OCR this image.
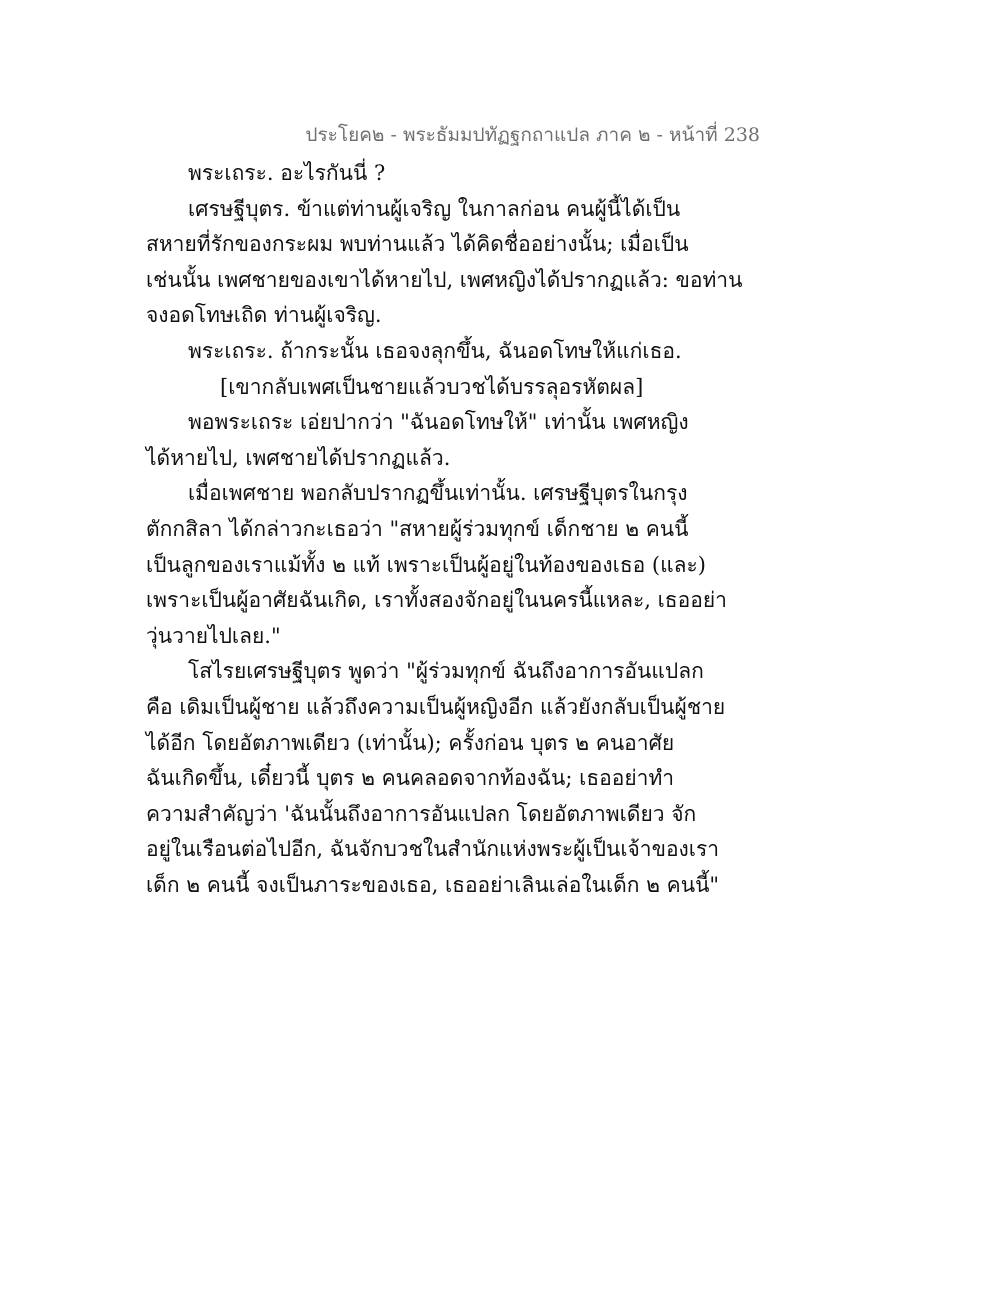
ประโยค๒ - พระธัมมปทัฏฐกถาแปล ภาค ๒ - หน้าที่ 238
พระเถระ. อะไรกันนี่ ?
เศรษฐีบุตร. ข้าแต่ท่านผู้เจริญ ในกาลก่อน คนผู้นี้ได้เป็น
สหายที่รักของกระผม พบท่านแล้ว ได้คิดชื่ออย่างนั้น; เมื่อเป็น
เช่นนั้น เพศชายของเขาได้หายไป, เพศหญิงได้ปรากฏแล้ว: ขอท่าน
จงอดโทษเถิด ท่านผู้เจริญ.
พระเถระ. ถ้ากระนั้น เธอจงลุกขึ้น, ฉันอดโทษให้แก่เธอ.
[เขากลับเพศเป็นชายแล้วบวชได้บรรลุอรหัตผล]
พอพระเถระ เอ่ยปากว่า "ฉันอดโทษให้" เท่านั้น เพศหญิง
ได้หายไป, เพศชายได้ปรากฏแล้ว.
เมื่อเพศชาย พอกลับปรากฏขึ้นเท่านั้น. เศรษฐีบุตรในกรุง
ตักกสิลา ได้กล่าวกะเธอว่า "สหายผู้ร่วมทุกข์ เด็กชาย ๒ คนนี้
เป็นลูกของเราแม้ทั้ง ๒ แท้ เพราะเป็นผู้อยู่ในท้องของเธอ (และ)
เพราะเป็นผู้อาศัยฉันเกิด, เราทั้งสองจักอยู่ในนครนี้แหละ, เธออย่า
วุ่นวายไปเลย."
โสไรยเศรษฐีบุตร พูดว่า "ผู้ร่วมทุกข์ ฉันถึงอาการอันแปลก
คือ เดิมเป็นผู้ชาย แล้วถึงความเป็นผู้หญิงอีก แล้วยังกลับเป็นผู้ชาย
ได้อีก โดยอัตภาพเดียว (เท่านั้น); ครั้งก่อน บุตร ๒ คนอาศัย
ฉันเกิดขึ้น, เดี๋ยวนี้ บุตร ๒ คนคลอดจากท้องฉัน; เธออย่าทำ
ความสำคัญว่า 'ฉันนั้นถึงอาการอันแปลก โดยอัตภาพเดียว จัก
อยู่ในเรือนต่อไปอีก, ฉันจักบวชในสำนักแห่งพระผู้เป็นเจ้าของเรา
เด็ก ๒ คนนี้ จงเป็นภาระของเธอ, เธออย่าเลินเล่อในเด็ก ๒ คนนี้"
